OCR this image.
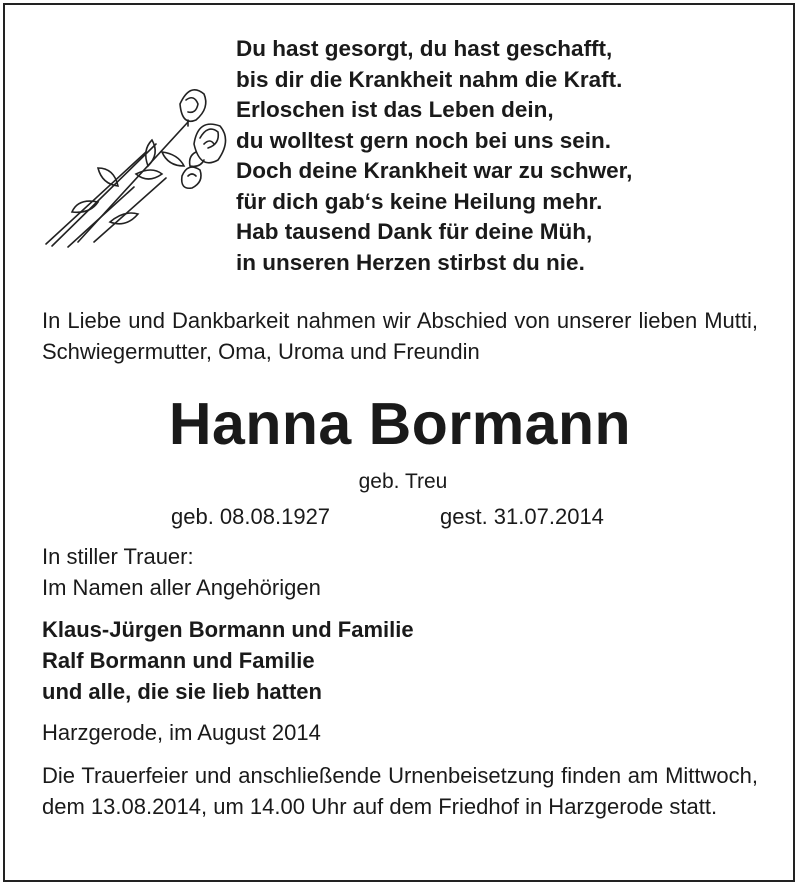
Du hast gesorgt, du hast geschafft,
bis dir die Krankheit nahm die Kraft.
Erloschen ist das Leben dein,
du wolltest gern noch bei uns sein.
Doch deine Krankheit war zu schwer,
für dich gab‘s keine Heilung mehr.
Hab tausend Dank für deine Müh,
in unseren Herzen stirbst du nie.
In Liebe und Dankbarkeit nahmen wir Abschied von unserer lieben Mutti, Schwiegermutter, Oma, Uroma und Freundin
Hanna Bormann
geb. Treu
geb. 08.08.1927	gest. 31.07.2014
In stiller Trauer:
Im Namen aller Angehörigen
Klaus-Jürgen Bormann und Familie
Ralf Bormann und Familie
und alle, die sie lieb hatten
Harzgerode, im August 2014
Die Trauerfeier und anschließende Urnenbeisetzung finden am Mittwoch, dem 13.08.2014, um 14.00 Uhr auf dem Friedhof in Harzgerode statt.
